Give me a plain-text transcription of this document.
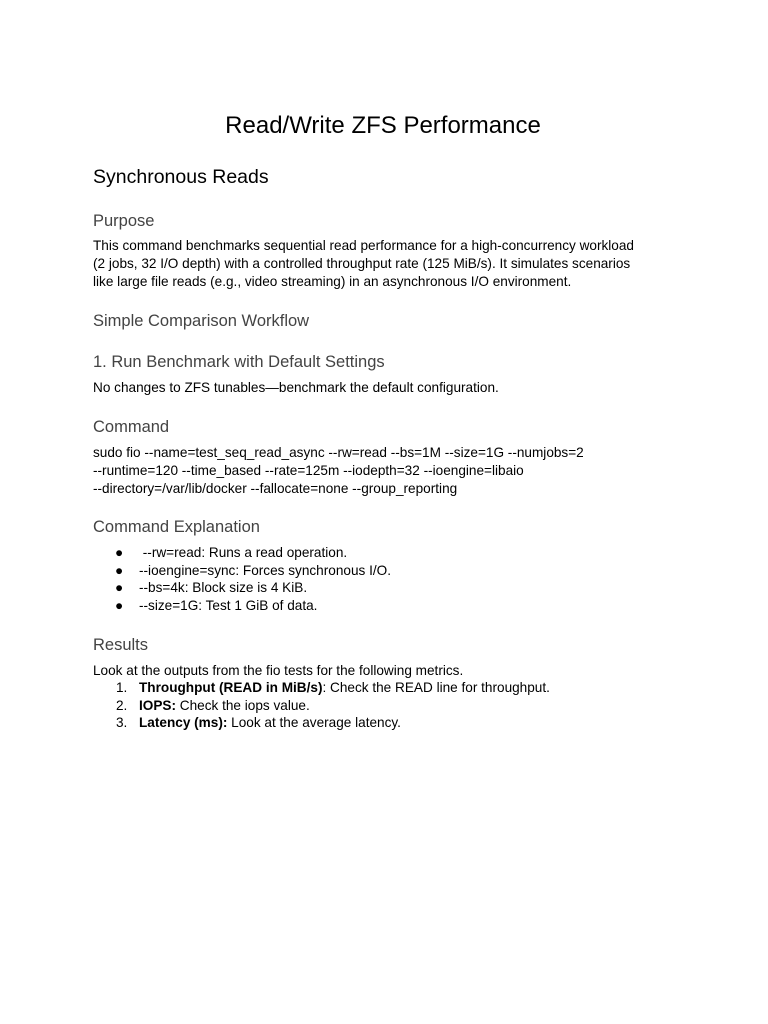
Read/Write ZFS Performance
Synchronous Reads
Purpose

This command benchmarks sequential read performance for a high-concurrency workload
(2 jobs, 32 I/O depth) with a controlled throughput rate (125 MiB/s). It simulates scenarios
like large file reads (e.g., video streaming) in an asynchronous I/O environment.

Simple Comparison Workflow
1. Run Benchmark with Default Settings

No changes to ZFS tunables—benchmark the default configuration.

Command

sudo fio --name=test_seq_read_async --rw=read --bs=1M --size=1G --numjobs=2
--runtime=120 --time_based --rate=125m --iodepth=32 --ioengine=libaio
--directory=/var/lib/docker --fallocate=none --group_reporting

Command Explanation
● --rw=read: Runs a read operation.
● --ioengine=sync: Forces synchronous I/O.
● --bs=4k: Block size is 4 KiB.
● --size=1G: Test 1 GiB of data.
Results

Look at the outputs from the fio tests for the following metrics.

1. Throughput (READ in MiB/s): Check the READ line for throughput.
2. IOPS: Check the iops value.
3. Latency (ms): Look at the average latency.
